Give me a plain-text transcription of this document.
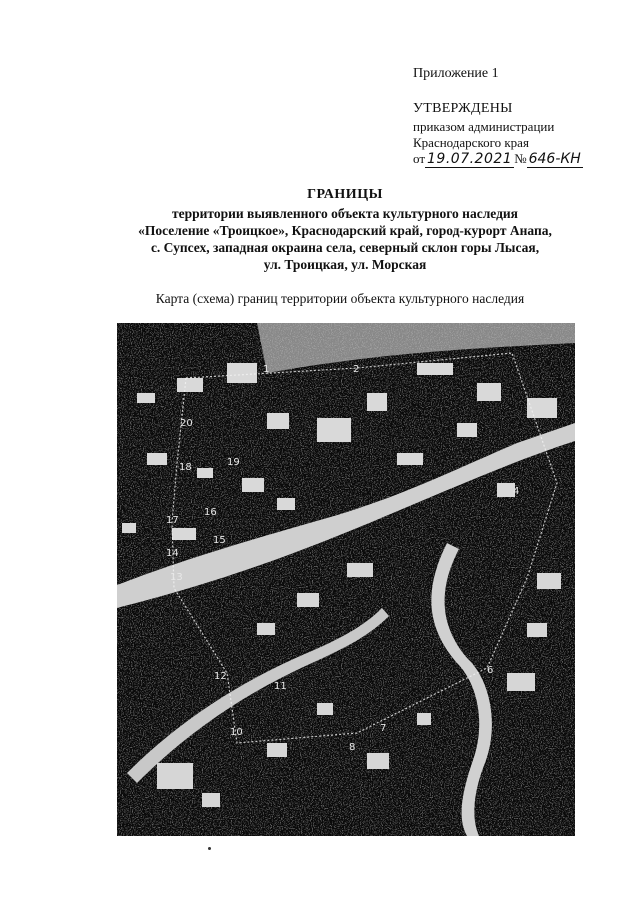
Приложение 1
УТВЕРЖДЕНЫ
приказом администрации
Краснодарского края
от 19.07.2021 № 646-КН
ГРАНИЦЫ
территории выявленного объекта культурного наследия
«Поселение «Троицкое», Краснодарский край, город-курорт Анапа,
с. Супсех, западная окраина села, северный склон горы Лысая,
ул. Троицкая, ул. Морская
Карта (схема) границ территории объекта культурного наследия
1	2
4
6
7
8
10
11
12
13
14
15
16
17
18	19
20
